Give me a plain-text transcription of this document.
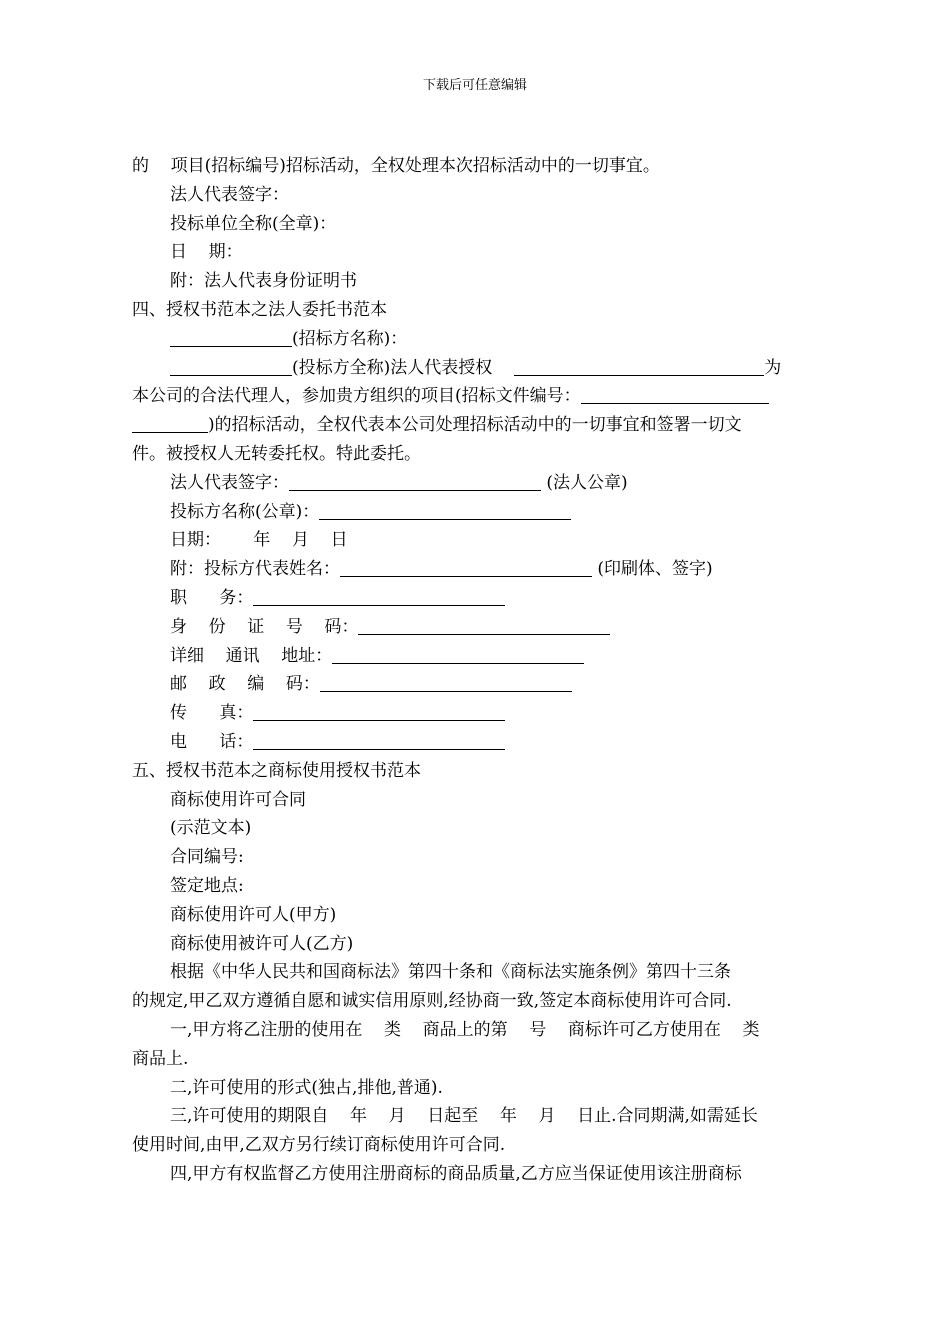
下载后可任意编辑
的    项目(招标编号)招标活动，全权处理本次招标活动中的一切事宜。
法人代表签字：
投标单位全称(全章)：
日    期：
附：法人代表身份证明书
四、授权书范本之法人委托书范本
(招标方名称)：
(投标方全称)法人代表授权	为
本公司的合法代理人，参加贵方组织的项目(招标文件编号：
)的招标活动，全权代表本公司处理招标活动中的一切事宜和签署一切文
件。被授权人无转委托权。特此委托。
法人代表签字：	(法人公章)
投标方名称(公章)：
日期：      年    月    日
附：投标方代表姓名：	(印刷体、签字)
职      务：
身    份    证    号    码：
详细    通讯    地址：
邮    政    编    码：
传      真：
电      话：
五、授权书范本之商标使用授权书范本
商标使用许可合同
(示范文本)
合同编号:
签定地点:
商标使用许可人(甲方)
商标使用被许可人(乙方)
根据《中华人民共和国商标法》第四十条和《商标法实施条例》第四十三条
的规定,甲乙双方遵循自愿和诚实信用原则,经协商一致,签定本商标使用许可合同.
一,甲方将乙注册的使用在    类    商品上的第    号    商标许可乙方使用在    类
商品上.
二,许可使用的形式(独占,排他,普通).
三,许可使用的期限自    年    月    日起至    年    月    日止.合同期满,如需延长
使用时间,由甲,乙双方另行续订商标使用许可合同.
四,甲方有权监督乙方使用注册商标的商品质量,乙方应当保证使用该注册商标
